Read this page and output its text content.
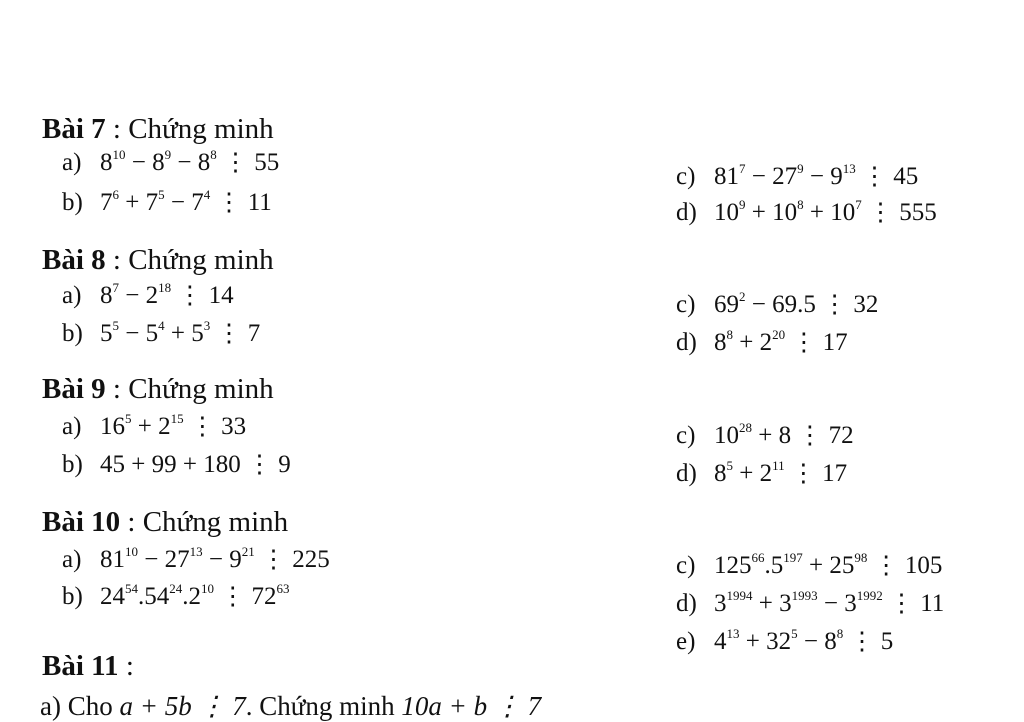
Bài 7 : Chứng minh
a) $8^{10} - 8^9 - 8^8$ ⋮ 55
b) $7^6 + 7^5 - 7^4$ ⋮ 11
c) $81^7 - 27^9 - 9^{13}$ ⋮ 45
d) $10^9 + 10^8 + 10^7$ ⋮ 555
Bài 8 : Chứng minh
a) $8^7 - 2^{18}$ ⋮ 14
b) $5^5 - 5^4 + 5^3$ ⋮ 7
c) $69^2 - 69.5$ ⋮ 32
d) $8^8 + 2^{20}$ ⋮ 17
Bài 9 : Chứng minh
a) $16^5 + 2^{15}$ ⋮ 33
b) 45 + 99 + 180 ⋮ 9
c) $10^{28} + 8$ ⋮ 72
d) $8^5 + 2^{11}$ ⋮ 17
Bài 10 : Chứng minh
a) $81^{10} - 27^{13} - 9^{21}$ ⋮ 225
b) $24^{54}.54^{24}.2^{10}$ ⋮ $72^{63}$
c) $125^{66}.5^{197} + 25^{98}$ ⋮ 105
d) $3^{1994} + 3^{1993} - 3^{1992}$ ⋮ 11
e) $4^{13} + 32^5 - 8^8$ ⋮ 5
Bài 11 :
a) Cho a + 5b ⋮ 7. Chứng minh 10a + b ⋮ 7
